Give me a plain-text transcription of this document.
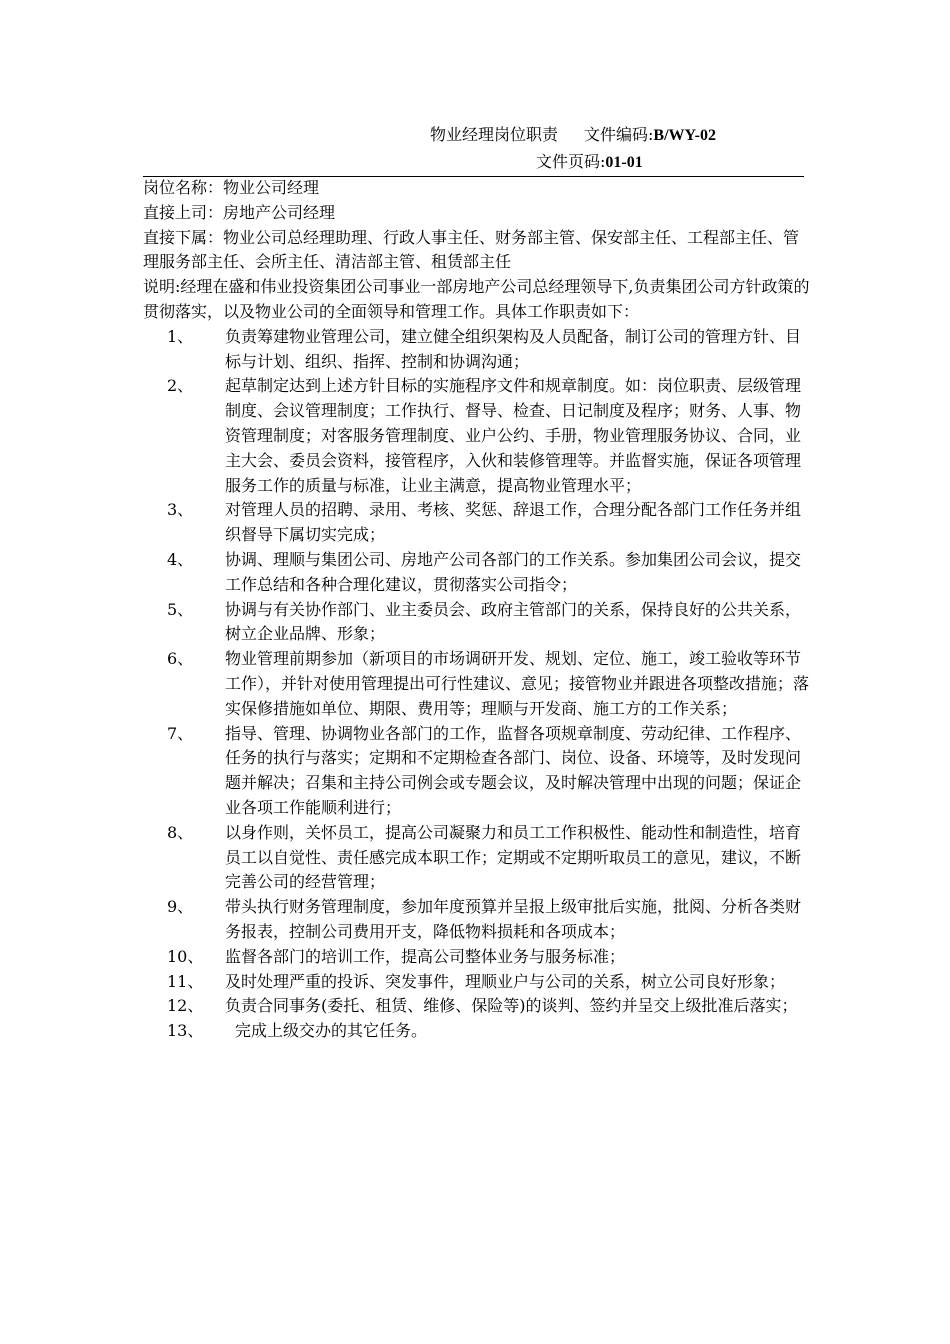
物业经理岗位职责 文件编码:B/WY-02
文件页码:01-01

岗位名称：物业公司经理

直接上司：房地产公司经理

直接下属：物业公司总经理助理、行政人事主任、财务部主管、保安部主任、工程部主任、管理服务部主任、会所主任、清洁部主管、租赁部主任

说明:经理在盛和伟业投资集团公司事业一部房地产公司总经理领导下,负责集团公司方针政策的贯彻落实，以及物业公司的全面领导和管理工作。具体工作职责如下：

1、 负责筹建物业管理公司，建立健全组织架构及人员配备，制订公司的管理方针、目标与计划、组织、指挥、控制和协调沟通；
2、 起草制定达到上述方针目标的实施程序文件和规章制度。如：岗位职责、层级管理制度、会议管理制度；工作执行、督导、检查、日记制度及程序；财务、人事、物资管理制度；对客服务管理制度、业户公约、手册，物业管理服务协议、合同，业主大会、委员会资料，接管程序，入伙和装修管理等。并监督实施，保证各项管理服务工作的质量与标准，让业主满意，提高物业管理水平；
3、 对管理人员的招聘、录用、考核、奖惩、辞退工作，合理分配各部门工作任务并组织督导下属切实完成；
4、 协调、理顺与集团公司、房地产公司各部门的工作关系。参加集团公司会议，提交工作总结和各种合理化建议，贯彻落实公司指令；
5、 协调与有关协作部门、业主委员会、政府主管部门的关系，保持良好的公共关系，树立企业品牌、形象；
6、 物业管理前期参加（新项目的市场调研开发、规划、定位、施工，竣工验收等环节工作），并针对使用管理提出可行性建议、意见；接管物业并跟进各项整改措施；落实保修措施如单位、期限、费用等；理顺与开发商、施工方的工作关系；
7、 指导、管理、协调物业各部门的工作，监督各项规章制度、劳动纪律、工作程序、任务的执行与落实；定期和不定期检查各部门、岗位、设备、环境等，及时发现问题并解决；召集和主持公司例会或专题会议，及时解决管理中出现的问题；保证企业各项工作能顺利进行；
8、 以身作则，关怀员工，提高公司凝聚力和员工工作积极性、能动性和制造性，培育员工以自觉性、责任感完成本职工作；定期或不定期听取员工的意见，建议，不断完善公司的经营管理；
9、 带头执行财务管理制度，参加年度预算并呈报上级审批后实施，批阅、分析各类财务报表，控制公司费用开支，降低物料损耗和各项成本；
10、 监督各部门的培训工作，提高公司整体业务与服务标准；
11、 及时处理严重的投诉、突发事件，理顺业户与公司的关系，树立公司良好形象；
12、 负责合同事务(委托、租赁、维修、保险等)的谈判、签约并呈交上级批准后落实；
13、	完成上级交办的其它任务。
